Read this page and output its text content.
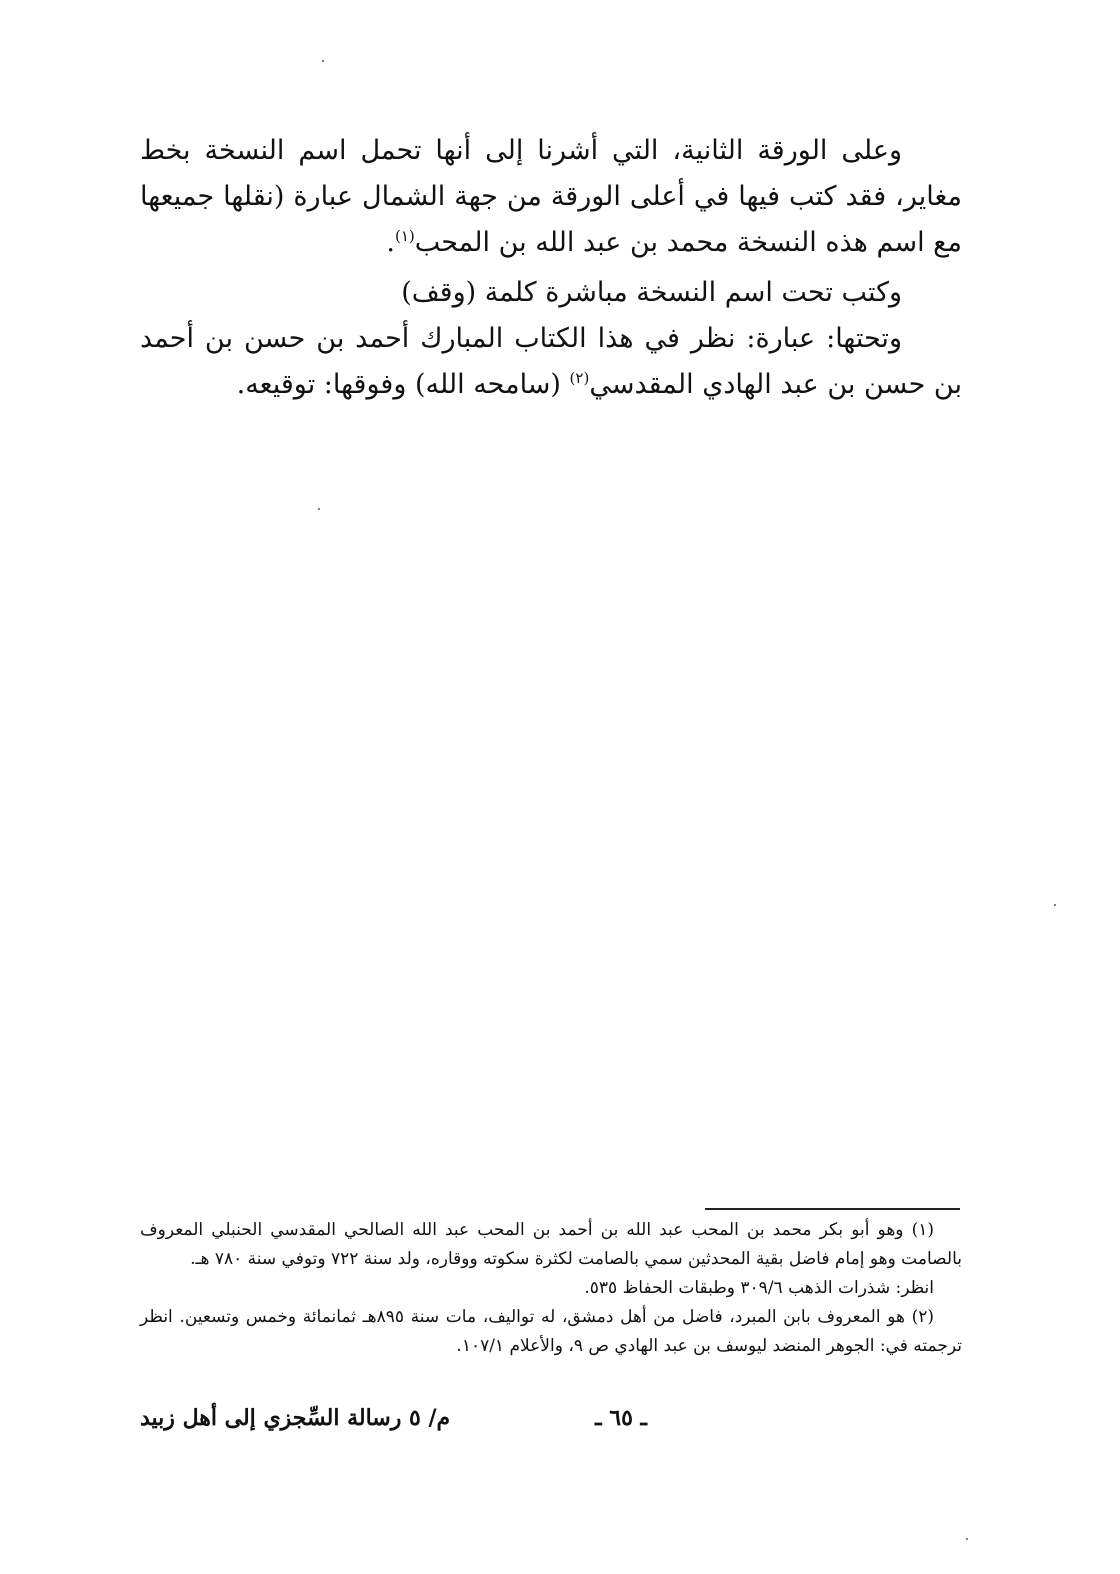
وعلى الورقة الثانية، التي أشرنا إلى أنها تحمل اسم النسخة بخط مغاير، فقد كتب فيها في أعلى الورقة من جهة الشمال عبارة (نقلها جميعها مع اسم هذه النسخة محمد بن عبد الله بن المحب$^{(١)}$.

وكتب تحت اسم النسخة مباشرة كلمة (وقف)

وتحتها: عبارة: نظر في هذا الكتاب المبارك أحمد بن حسن بن أحمد بن حسن بن عبد الهادي المقدسي$^{(٢)}$ (سامحه الله) وفوقها: توقيعه.

(١) وهو أبو بكر محمد بن المحب عبد الله بن أحمد بن المحب عبد الله الصالحي المقدسي الحنبلي المعروف بالصامت وهو إمام فاضل بقية المحدثين سمي بالصامت لكثرة سكوته ووقاره، ولد سنة ٧٢٢ وتوفي سنة ٧٨٠ هـ.

انظر: شذرات الذهب ٣٠٩/٦ وطبقات الحفاظ ٥٣٥.

(٢) هو المعروف بابن المبرد، فاضل من أهل دمشق، له تواليف، مات سنة ٨٩٥هـ ثمانمائة وخمس وتسعين. انظر ترجمته في: الجوهر المنضد ليوسف بن عبد الهادي ص ٩، والأعلام ١٠٧/١.

ـ ٦٥ ـ
م/ ٥ رسالة السِّجزي إلى أهل زبيد
